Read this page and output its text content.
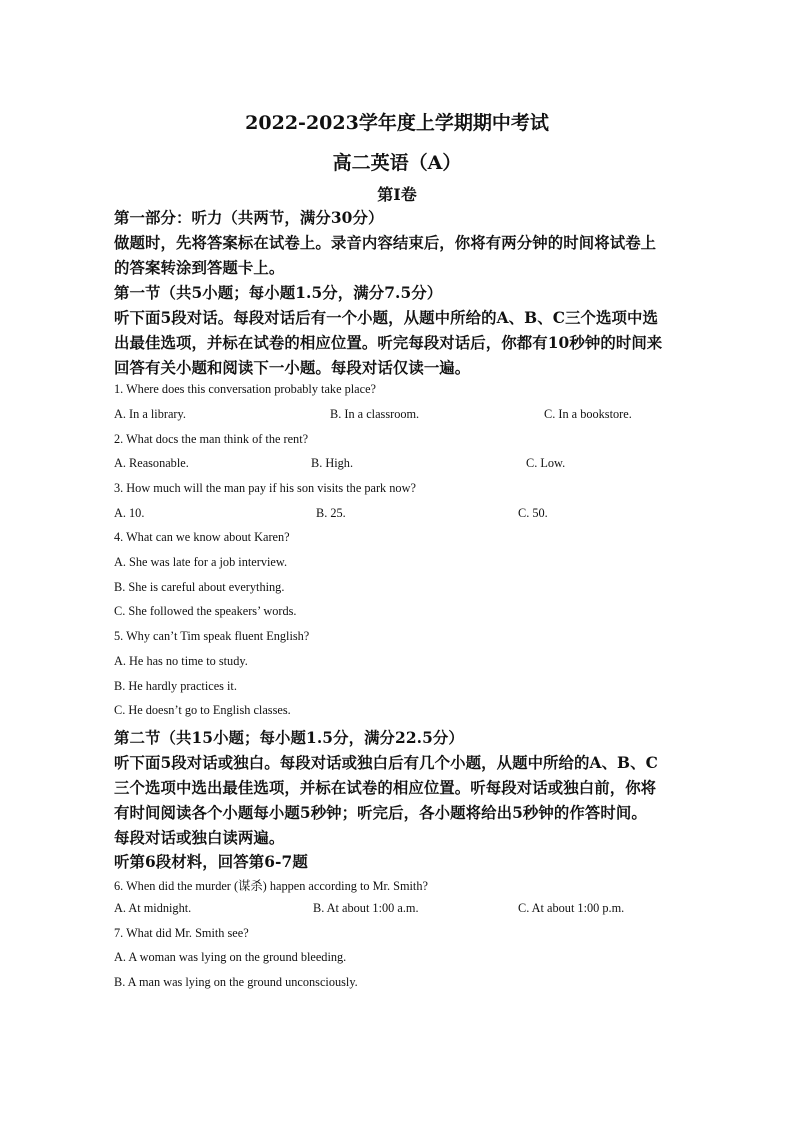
2022-2023学年度上学期期中考试
高二英语（A）
第I卷
第一部分：听力（共两节，满分30分）
做题时，先将答案标在试卷上。录音内容结束后，你将有两分钟的时间将试卷上
的答案转涂到答题卡上。
第一节（共5小题；每小题1.5分，满分7.5分）
听下面5段对话。每段对话后有一个小题，从题中所给的A、B、C三个选项中选
出最佳选项，并标在试卷的相应位置。听完每段对话后，你都有10秒钟的时间来
回答有关小题和阅读下一小题。每段对话仅读一遍。
1. Where does this conversation probably take place?
A. In a library.	B. In a classroom.	C. In a bookstore.
2. What docs the man think of the rent?
A. Reasonable.	B. High.	C. Low.
3. How much will the man pay if his son visits the park now?
A. 10.	B. 25.	C. 50.
4. What can we know about Karen?
A. She was late for a job interview.
B. She is careful about everything.
C. She followed the speakers’ words.
5. Why can’t Tim speak fluent English?
A. He has no time to study.
B. He hardly practices it.
C. He doesn’t go to English classes.
第二节（共15小题；每小题1.5分，满分22.5分）
听下面5段对话或独白。每段对话或独白后有几个小题，从题中所给的A、B、C
三个选项中选出最佳选项，并标在试卷的相应位置。听每段对话或独白前，你将
有时间阅读各个小题每小题5秒钟；听完后，各小题将给出5秒钟的作答时间。
每段对话或独白读两遍。
听第6段材料，回答第6-7题
6. When did the murder (谋杀) happen according to Mr. Smith?
A. At midnight.	B. At about 1:00 a.m.	C. At about 1:00 p.m.
7. What did Mr. Smith see?
A. A woman was lying on the ground bleeding.
B. A man was lying on the ground unconsciously.
